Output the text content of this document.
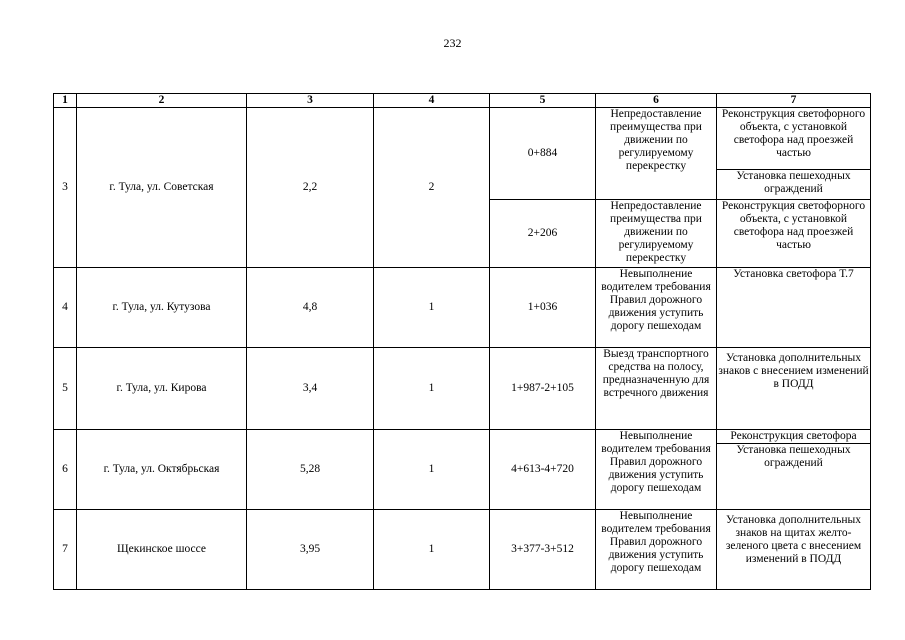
232
1	2	3	4	5	6	7
3	г. Тула, ул. Советская	2,2	2	0+884	Непредоставление преимущества при движении по регулируемому перекрестку	Реконструкция светофорного объекта, с установкой светофора над проезжей частью
Установка пешеходных ограждений

				2+206	Непредоставление преимущества при движении по регулируемому перекрестку	Реконструкция светофорного объекта, с установкой светофора над проезжей частью

4	г. Тула, ул. Кутузова	4,8	1	1+036	Невыполнение водителем требования Правил дорожного движения уступить дорогу пешеходам	Установка светофора Т.7

5	г. Тула, ул. Кирова	3,4	1	1+987-2+105	Выезд транспортного средства на полосу, предназначенную для встречного движения	Установка дополнительных знаков с внесением изменений в ПОДД

6	г. Тула, ул. Октябрьская	5,28	1	4+613-4+720	Невыполнение водителем требования Правил дорожного движения уступить дорогу пешеходам	Реконструкция светофора
Установка пешеходных ограждений

7	Щекинское шоссе	3,95	1	3+377-3+512	Невыполнение водителем требования Правил дорожного движения уступить дорогу пешеходам	Установка дополнительных знаков на щитах желто-зеленого цвета с внесением изменений в ПОДД
